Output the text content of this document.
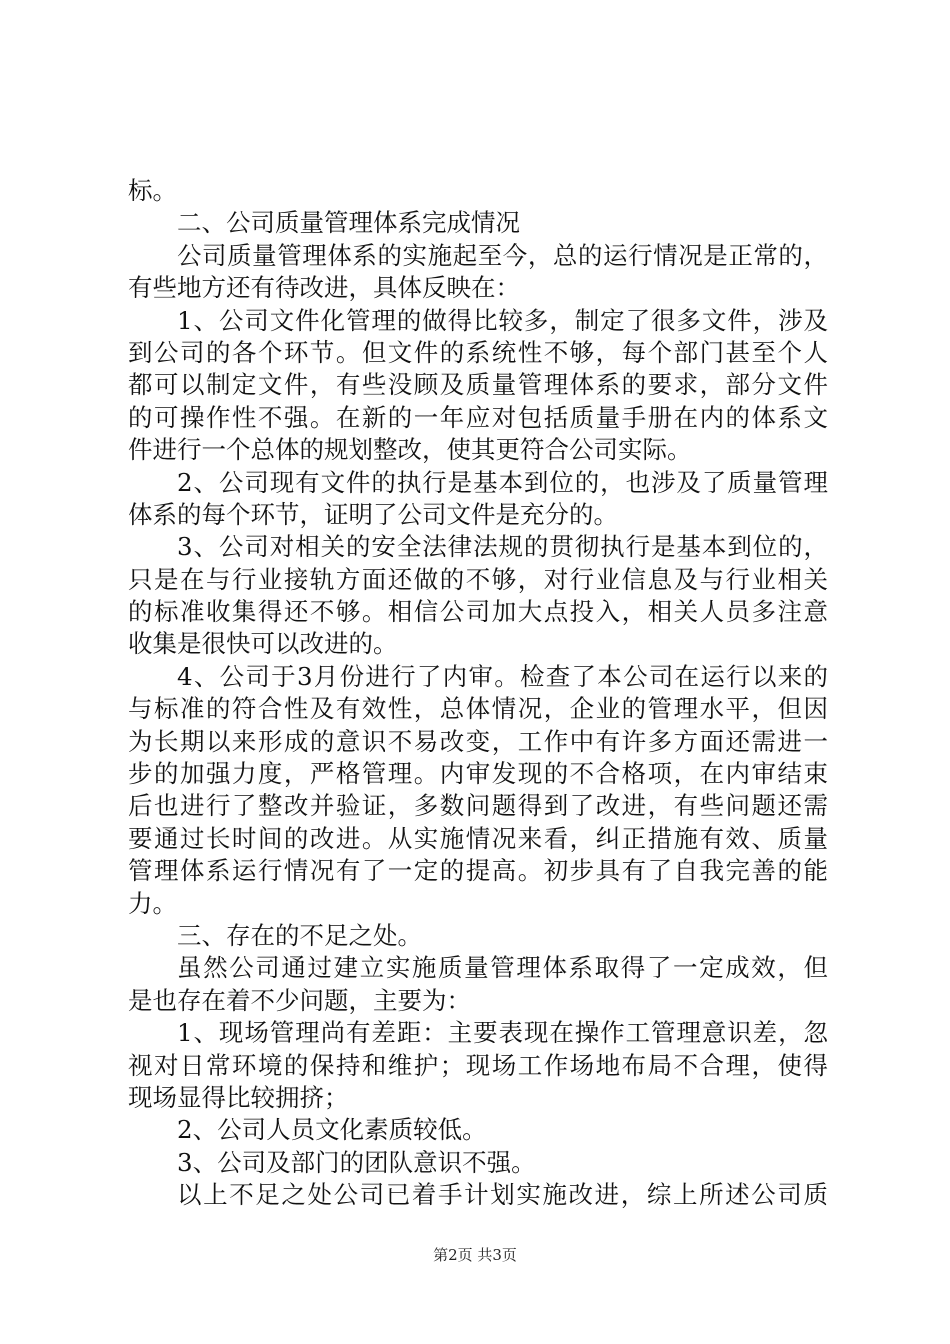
标。
二、公司质量管理体系完成情况
公司质量管理体系的实施起至今，总的运行情况是正常的，
有些地方还有待改进，具体反映在：
1、公司文件化管理的做得比较多，制定了很多文件，涉及
到公司的各个环节。但文件的系统性不够，每个部门甚至个人
都可以制定文件，有些没顾及质量管理体系的要求，部分文件
的可操作性不强。在新的一年应对包括质量手册在内的体系文
件进行一个总体的规划整改，使其更符合公司实际。
2、公司现有文件的执行是基本到位的，也涉及了质量管理
体系的每个环节，证明了公司文件是充分的。
3、公司对相关的安全法律法规的贯彻执行是基本到位的，
只是在与行业接轨方面还做的不够，对行业信息及与行业相关
的标准收集得还不够。相信公司加大点投入，相关人员多注意
收集是很快可以改进的。
4、公司于3月份进行了内审。检查了本公司在运行以来的
与标准的符合性及有效性，总体情况，企业的管理水平，但因
为长期以来形成的意识不易改变，工作中有许多方面还需进一
步的加强力度，严格管理。内审发现的不合格项，在内审结束
后也进行了整改并验证，多数问题得到了改进，有些问题还需
要通过长时间的改进。从实施情况来看，纠正措施有效、质量
管理体系运行情况有了一定的提高。初步具有了自我完善的能
力。
三、存在的不足之处。
虽然公司通过建立实施质量管理体系取得了一定成效，但
是也存在着不少问题，主要为：
1、现场管理尚有差距：主要表现在操作工管理意识差，忽
视对日常环境的保持和维护；现场工作场地布局不合理，使得
现场显得比较拥挤；
2、公司人员文化素质较低。
3、公司及部门的团队意识不强。
以上不足之处公司已着手计划实施改进，综上所述公司质
第2页 共3页
